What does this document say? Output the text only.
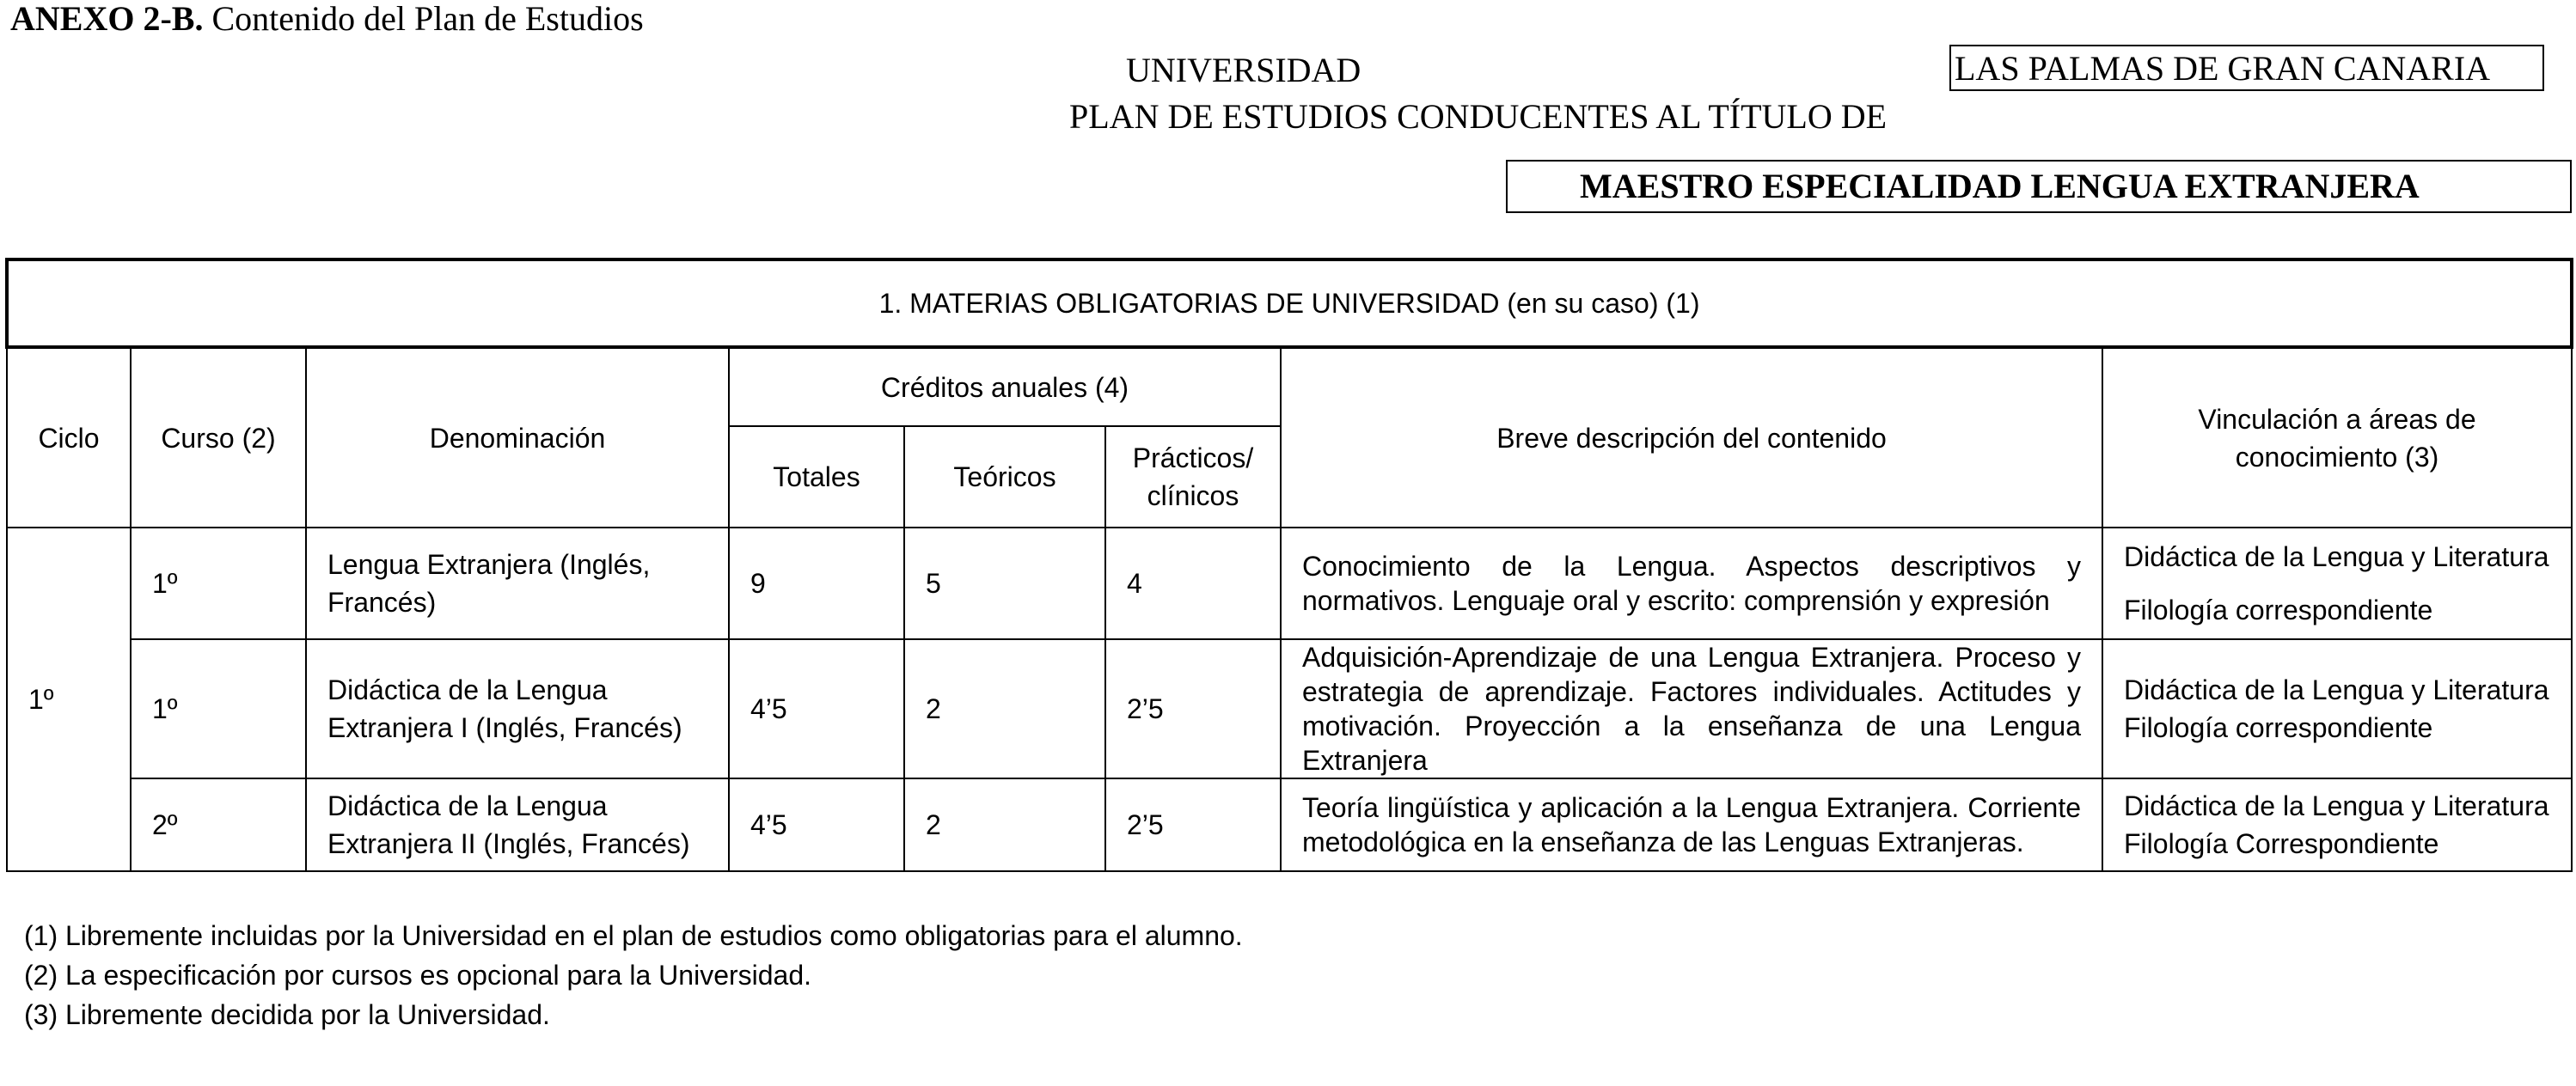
ANEXO 2-B. Contenido del Plan de Estudios
UNIVERSIDAD	LAS PALMAS DE GRAN CANARIA
PLAN DE ESTUDIOS CONDUCENTES AL TÍTULO DE
MAESTRO ESPECIALIDAD LENGUA EXTRANJERA
1. MATERIAS OBLIGATORIAS DE UNIVERSIDAD (en su caso) (1)							
Ciclo	Curso (2)	Denominación	Créditos anuales (4)			Breve descripción del contenido	Vinculación a áreas de conocimiento (3)
			Totales	Teóricos	Prácticos/ clínicos		
1º	1º	Lengua Extranjera (Inglés, Francés)	9	5	4	Conocimiento de la Lengua. Aspectos descriptivos y normativos. Lenguaje oral y escrito: comprensión y expresión	Didáctica de la Lengua y Literatura
Filología correspondiente

	1º	Didáctica de la Lengua Extranjera I (Inglés, Francés)	4’5	2	2’5	Adquisición-Aprendizaje de una Lengua Extranjera. Proceso y estrategia de aprendizaje. Factores individuales. Actitudes y motivación. Proyección a la enseñanza de una Lengua Extranjera	Didáctica de la Lengua y Literatura
Filología correspondiente

	2º	Didáctica de la Lengua Extranjera II (Inglés, Francés)	4’5	2	2’5	Teoría lingüística y aplicación a la Lengua Extranjera. Corriente metodológica en la enseñanza de las Lenguas Extranjeras.	Didáctica de la Lengua y Literatura
Filología Correspondiente
(1) Libremente incluidas por la Universidad en el plan de estudios como obligatorias para el alumno.
(2) La especificación por cursos es opcional para la Universidad.
(3) Libremente decidida por la Universidad.
